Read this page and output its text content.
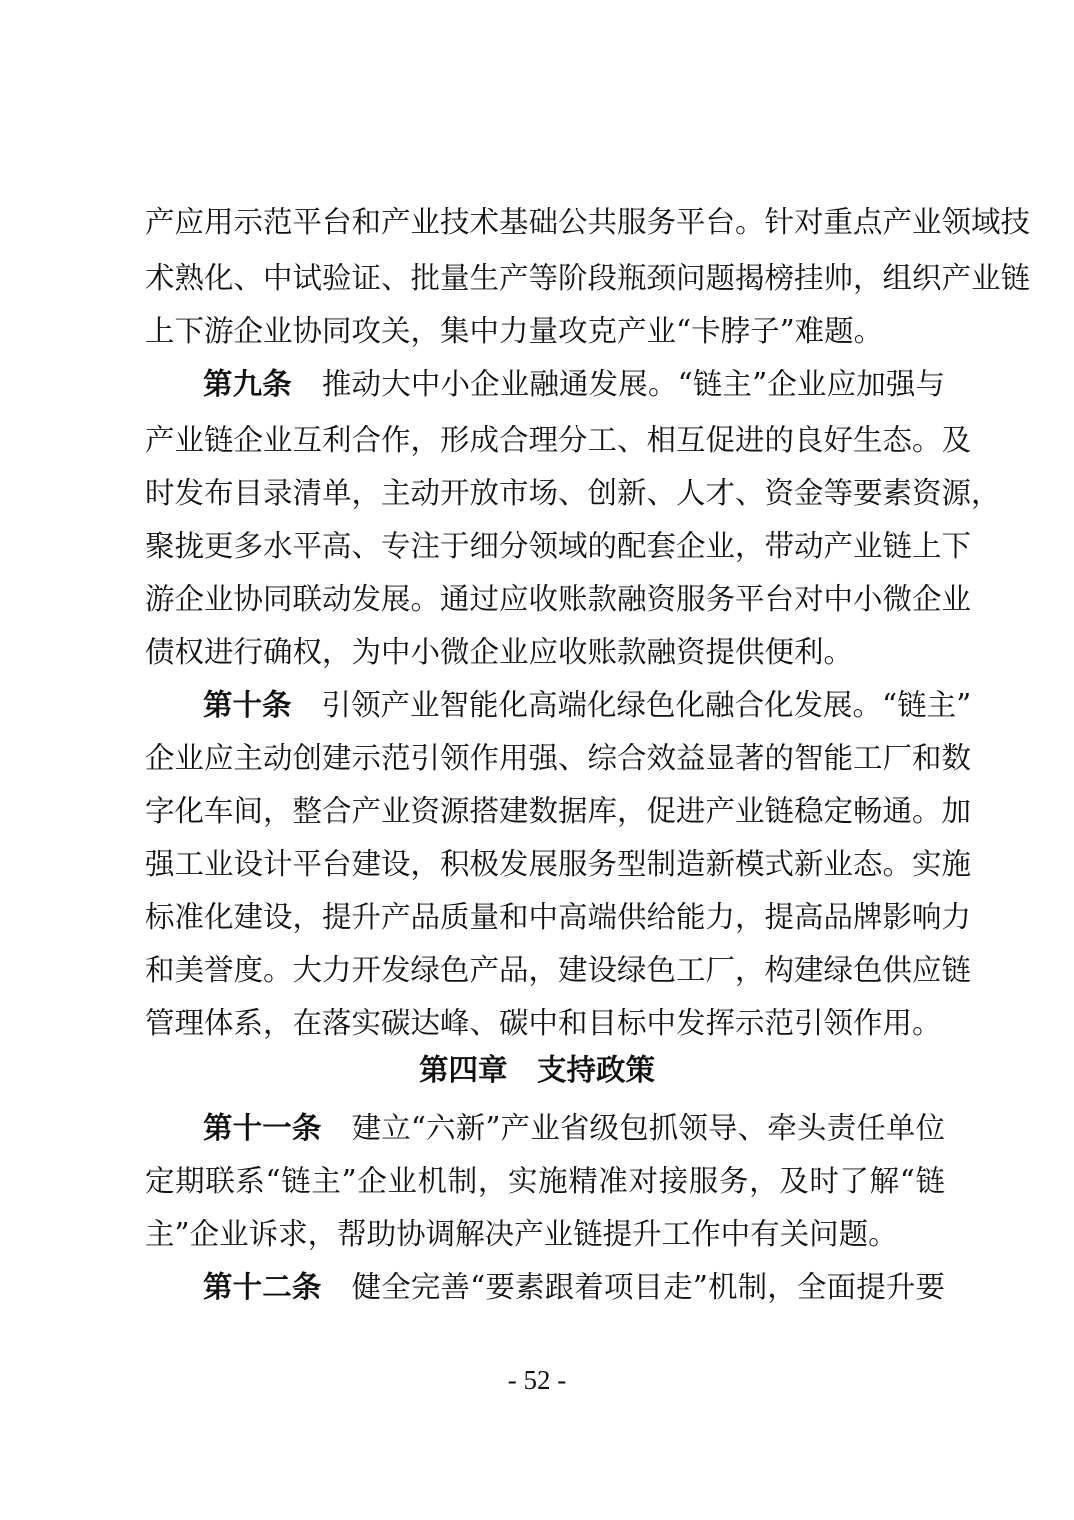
产应用示范平台和产业技术基础公共服务平台。针对重点产业领域技
术熟化、中试验证、批量生产等阶段瓶颈问题揭榜挂帅，组织产业链
上下游企业协同攻关，集中力量攻克产业“卡脖子”难题。
第九条 推动大中小企业融通发展。“链主”企业应加强与
产业链企业互利合作，形成合理分工、相互促进的良好生态。及
时发布目录清单，主动开放市场、创新、人才、资金等要素资源，
聚拢更多水平高、专注于细分领域的配套企业，带动产业链上下
游企业协同联动发展。通过应收账款融资服务平台对中小微企业
债权进行确权，为中小微企业应收账款融资提供便利。
第十条 引领产业智能化高端化绿色化融合化发展。“链主”
企业应主动创建示范引领作用强、综合效益显著的智能工厂和数
字化车间，整合产业资源搭建数据库，促进产业链稳定畅通。加
强工业设计平台建设，积极发展服务型制造新模式新业态。实施
标准化建设，提升产品质量和中高端供给能力，提高品牌影响力
和美誉度。大力开发绿色产品，建设绿色工厂，构建绿色供应链
管理体系，在落实碳达峰、碳中和目标中发挥示范引领作用。
第四章　支持政策
第十一条 建立“六新”产业省级包抓领导、牵头责任单位
定期联系“链主”企业机制，实施精准对接服务，及时了解“链
主”企业诉求，帮助协调解决产业链提升工作中有关问题。
第十二条 健全完善“要素跟着项目走”机制，全面提升要
- 52 -
